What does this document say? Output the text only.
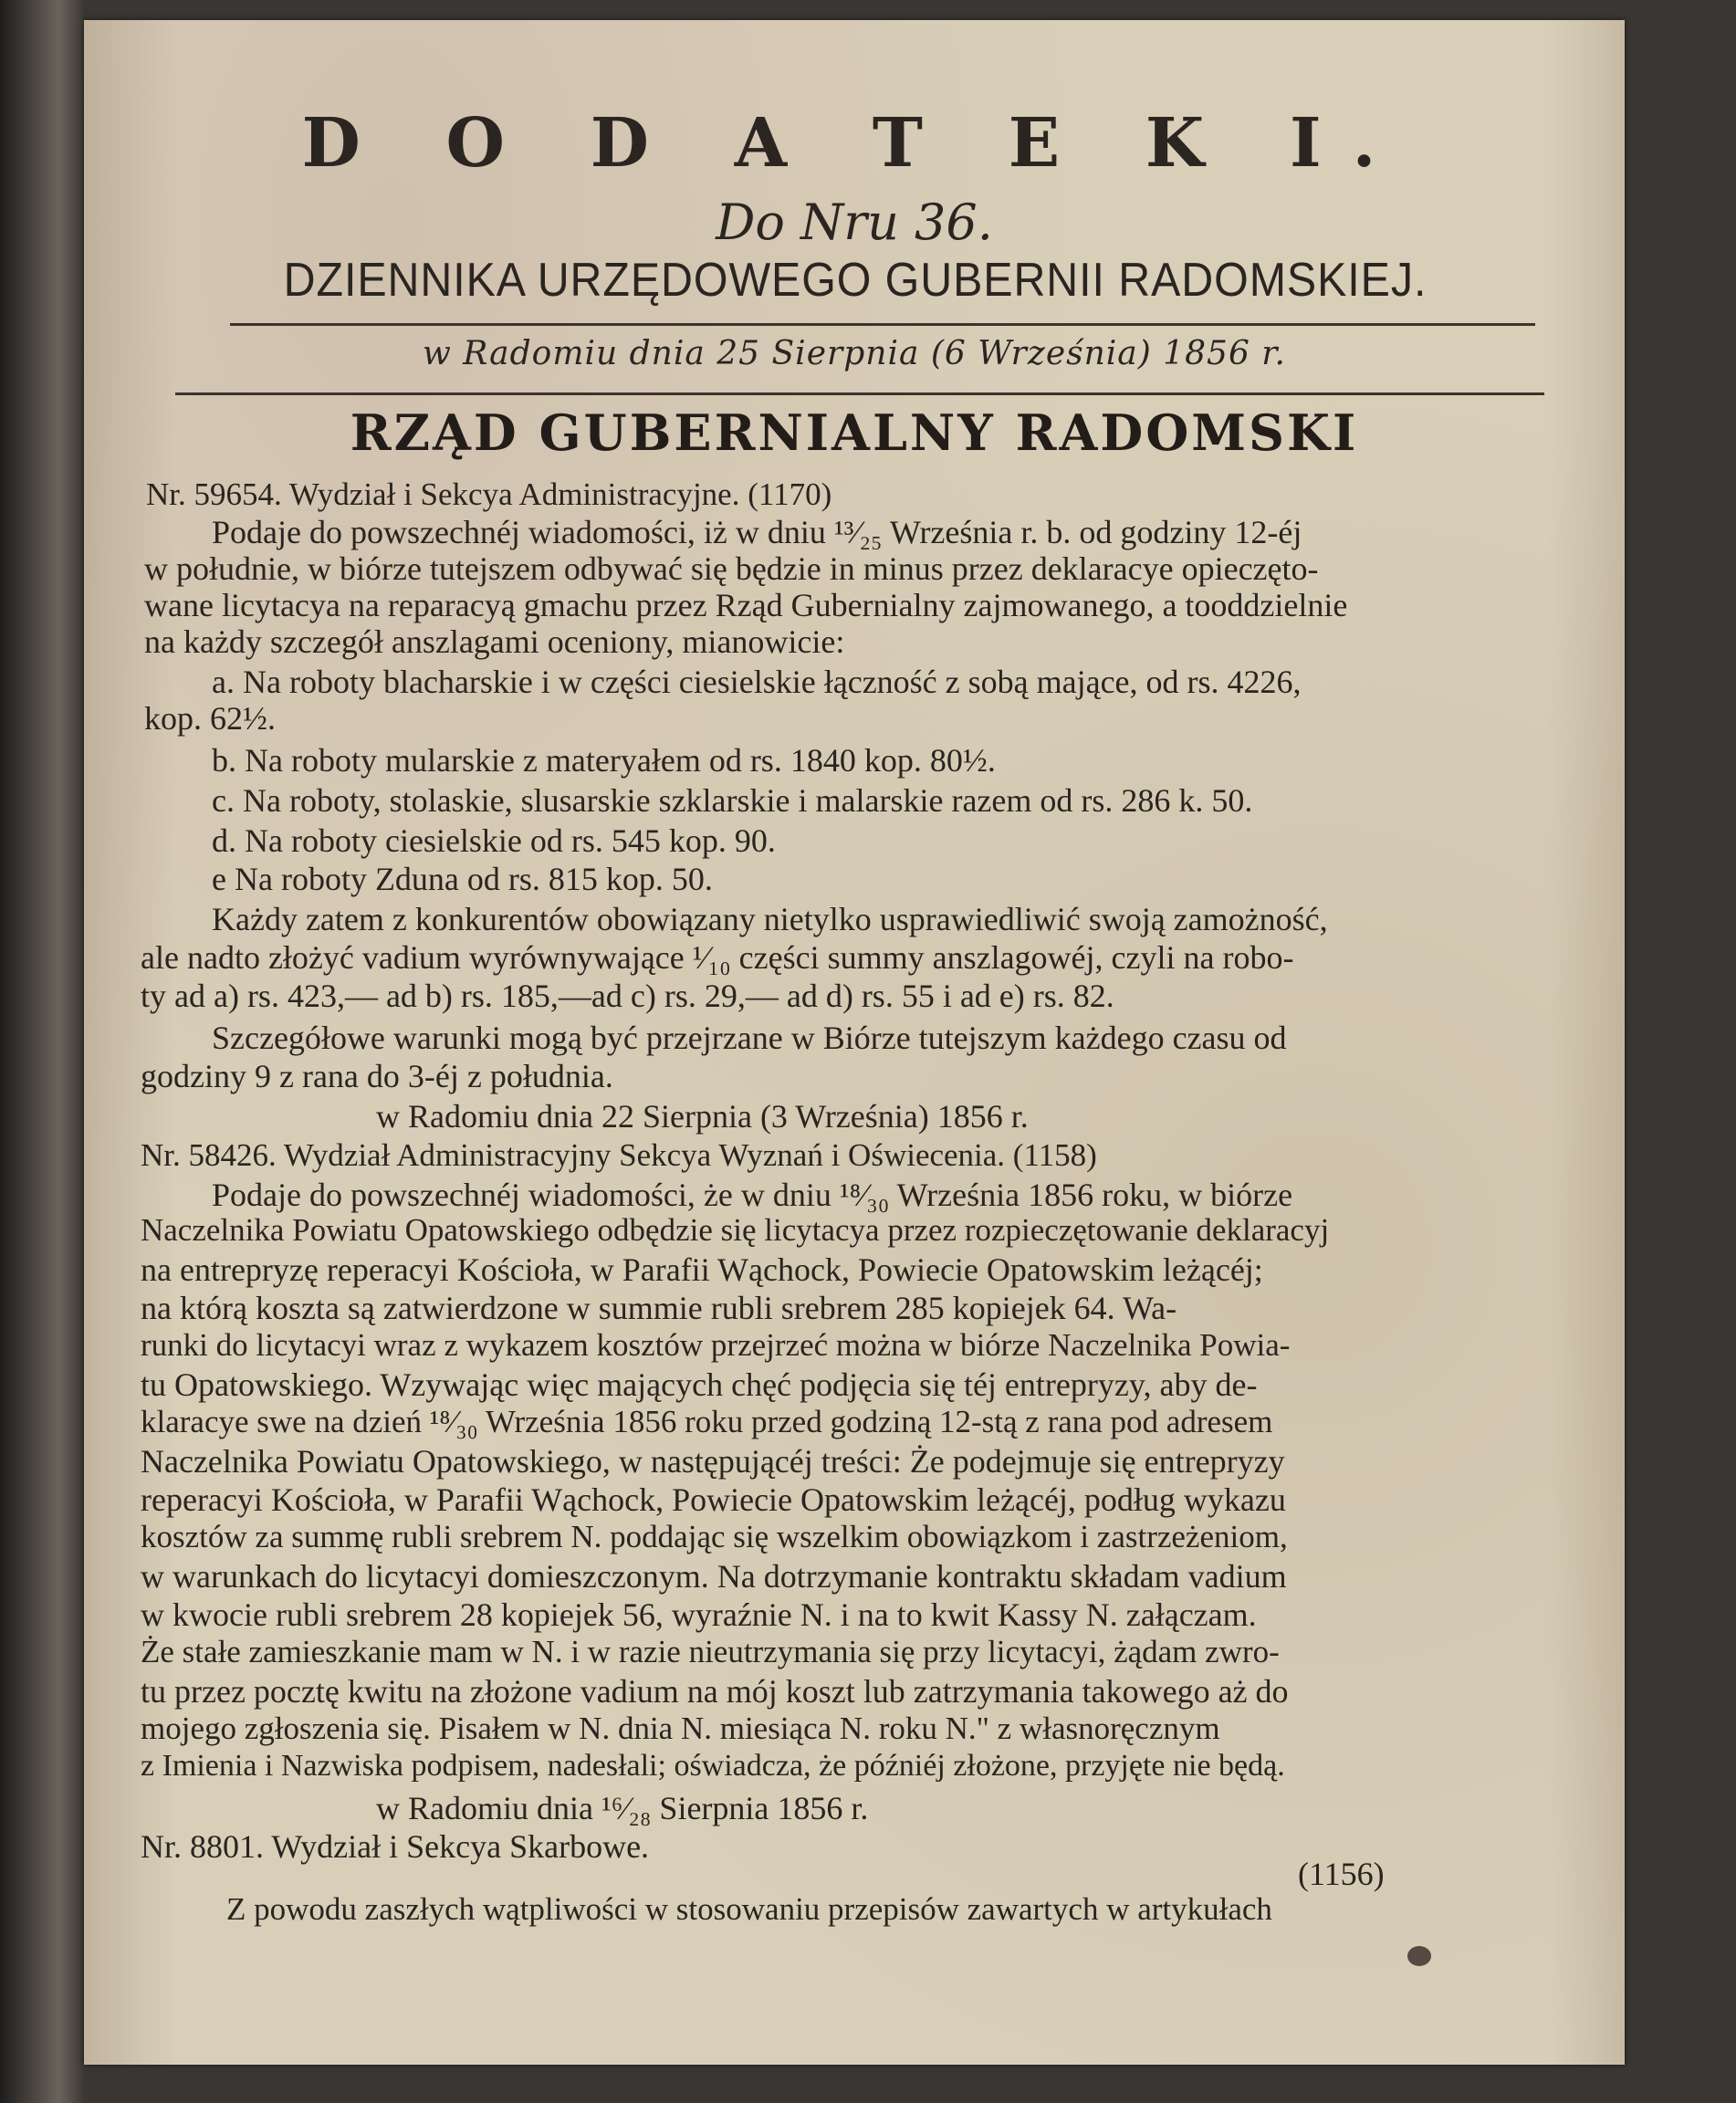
D O D A T E K I.
Do Nru 36.
DZIENNIKA URZĘDOWEGO GUBERNII RADOMSKIEJ.
w Radomiu dnia 25 Sierpnia (6 Września) 1856 r.
RZĄD GUBERNIALNY RADOMSKI
Nr. 59654. Wydział i Sekcya Administracyjne. (1170)
Podaje do powszechnéj wiadomości, iż w dniu ¹³⁄₂₅ Września r. b. od godziny 12-éj
w południe, w biórze tutejszem odbywać się będzie in minus przez deklaracye opieczęto-
wane licytacya na reparacyą gmachu przez Rząd Gubernialny zajmowanego, a tooddzielnie
na każdy szczegół anszlagami oceniony, mianowicie:
a. Na roboty blacharskie i w części ciesielskie łączność z sobą mające, od rs. 4226,
kop. 62½.
b. Na roboty mularskie z materyałem od rs. 1840 kop. 80½.
c. Na roboty, stolaskie, slusarskie szklarskie i malarskie razem od rs. 286 k. 50.
d. Na roboty ciesielskie od rs. 545 kop. 90.
e Na roboty Zduna od rs. 815 kop. 50.
Każdy zatem z konkurentów obowiązany nietylko usprawiedliwić swoją zamożność,
ale nadto złożyć vadium wyrównywające ¹⁄₁₀ części summy anszlagowéj, czyli na robo-
ty ad a) rs. 423,— ad b) rs. 185,—ad c) rs. 29,— ad d) rs. 55 i ad e) rs. 82.
Szczegółowe warunki mogą być przejrzane w Biórze tutejszym każdego czasu od
godziny 9 z rana do 3-éj z południa.
w Radomiu dnia 22 Sierpnia (3 Września) 1856 r.
Nr. 58426. Wydział Administracyjny Sekcya Wyznań i Oświecenia. (1158)
Podaje do powszechnéj wiadomości, że w dniu ¹⁸⁄₃₀ Września 1856 roku, w biórze
Naczelnika Powiatu Opatowskiego odbędzie się licytacya przez rozpieczętowanie deklaracyj
na entrepryzę reperacyi Kościoła, w Parafii Wąchock, Powiecie Opatowskim leżącéj;
na którą koszta są zatwierdzone w summie rubli srebrem 285 kopiejek 64. Wa-
runki do licytacyi wraz z wykazem kosztów przejrzeć można w biórze Naczelnika Powia-
tu Opatowskiego. Wzywając więc mających chęć podjęcia się téj entrepryzy, aby de-
klaracye swe na dzień ¹⁸⁄₃₀ Września 1856 roku przed godziną 12-stą z rana pod adresem
Naczelnika Powiatu Opatowskiego, w następującéj treści: Że podejmuje się entrepryzy
reperacyi Kościoła, w Parafii Wąchock, Powiecie Opatowskim leżącéj, podług wykazu
kosztów za summę rubli srebrem N. poddając się wszelkim obowiązkom i zastrzeżeniom,
w warunkach do licytacyi domieszczonym. Na dotrzymanie kontraktu składam vadium
w kwocie rubli srebrem 28 kopiejek 56, wyraźnie N. i na to kwit Kassy N. załączam.
Że stałe zamieszkanie mam w N. i w razie nieutrzymania się przy licytacyi, żądam zwro-
tu przez pocztę kwitu na złożone vadium na mój koszt lub zatrzymania takowego aż do
mojego zgłoszenia się. Pisałem w N. dnia N. miesiąca N. roku N." z własnoręcznym
z Imienia i Nazwiska podpisem, nadesłali; oświadcza, że późniéj złożone, przyjęte nie będą.
w Radomiu dnia ¹⁶⁄₂₈ Sierpnia 1856 r.
Nr. 8801. Wydział i Sekcya Skarbowe.
(1156)
Z powodu zaszłych wątpliwości w stosowaniu przepisów zawartych w artykułach
